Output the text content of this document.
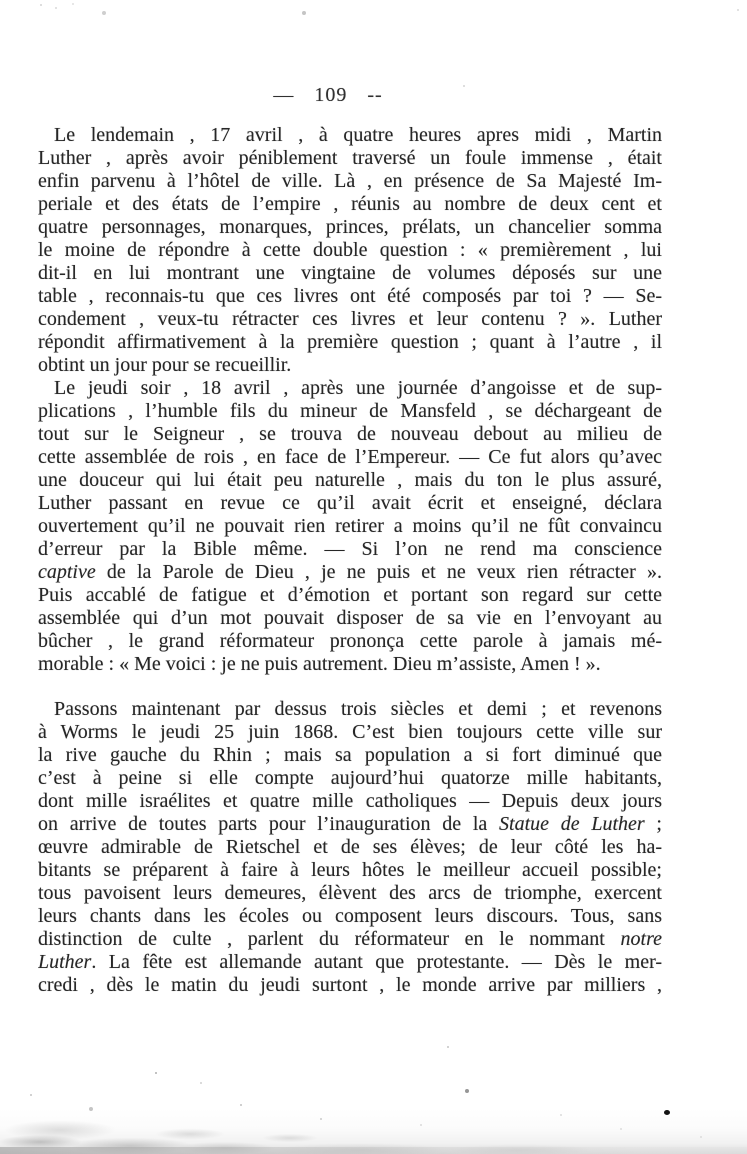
— 109 --
Le lendemain , 17 avril , à quatre heures apres midi , Martin
Luther , après avoir péniblement traversé un foule immense , était
enfin parvenu à l’hôtel de ville. Là , en présence de Sa Majesté Im-
periale et des états de l’empire , réunis au nombre de deux cent et
quatre personnages, monarques, princes, prélats, un chancelier somma
le moine de répondre à cette double question : « premièrement , lui
dit-il en lui montrant une vingtaine de volumes déposés sur une
table , reconnais-tu que ces livres ont été composés par toi ? — Se-
condement , veux-tu rétracter ces livres et leur contenu ? ». Luther
répondit affirmativement à la première question ; quant à l’autre , il
obtint un jour pour se recueillir.
Le jeudi soir , 18 avril , après une journée d’angoisse et de sup-
plications , l’humble fils du mineur de Mansfeld , se déchargeant de
tout sur le Seigneur , se trouva de nouveau debout au milieu de
cette assemblée de rois , en face de l’Empereur. — Ce fut alors qu’avec
une douceur qui lui était peu naturelle , mais du ton le plus assuré,
Luther passant en revue ce qu’il avait écrit et enseigné, déclara
ouvertement qu’il ne pouvait rien retirer a moins qu’il ne fût convaincu
d’erreur par la Bible même. — Si l’on ne rend ma conscience
captive de la Parole de Dieu , je ne puis et ne veux rien rétracter ».
Puis accablé de fatigue et d’émotion et portant son regard sur cette
assemblée qui d’un mot pouvait disposer de sa vie en l’envoyant au
bûcher , le grand réformateur prononça cette parole à jamais mé-
morable : « Me voici : je ne puis autrement. Dieu m’assiste, Amen ! ».
Passons maintenant par dessus trois siècles et demi ; et revenons
à Worms le jeudi 25 juin 1868. C’est bien toujours cette ville sur
la rive gauche du Rhin ; mais sa population a si fort diminué que
c’est à peine si elle compte aujourd’hui quatorze mille habitants,
dont mille israélites et quatre mille catholiques — Depuis deux jours
on arrive de toutes parts pour l’inauguration de la Statue de Luther ;
œuvre admirable de Rietschel et de ses élèves; de leur côté les ha-
bitants se préparent à faire à leurs hôtes le meilleur accueil possible;
tous pavoisent leurs demeures, élèvent des arcs de triomphe, exercent
leurs chants dans les écoles ou composent leurs discours. Tous, sans
distinction de culte , parlent du réformateur en le nommant notre
Luther. La fête est allemande autant que protestante. — Dès le mer-
credi , dès le matin du jeudi surtont , le monde arrive par milliers ,
